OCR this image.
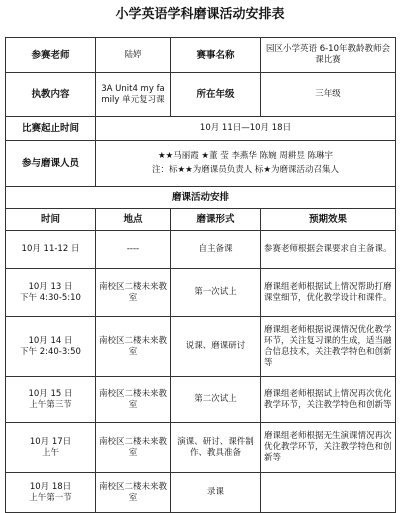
小学英语学科磨课活动安排表
参赛老师	陆婷	赛事名称	园区小学英语 6-10年教龄教师会课比赛
执教内容	3A Unit4 my family 单元复习课	所在年级	三年级
比赛起止时间	10月 11日—10月 18日		
参与磨课人员	★★马丽霞 ★董 莹 李燕华 陈婉 周耕昱 陈琳宇
注：标★★为磨课员负责人 标★为磨课活动召集人		

磨课活动安排			
时间	地点	磨课形式	预期效果
10月 11-12 日	----	自主备课	参赛老师根据会课要求自主备课。
10月 13 日
下午 4:30-5:10	南校区二楼未来教室	第一次试上	磨课组老师根据试上情况帮助打磨课堂细节，优化教学设计和课件。
10月 14 日
下午 2:40-3:50	南校区二楼未来教室	说课、磨课研讨	磨课组老师根据说课情况优化教学环节，关注复习课的生成，适当融合信息技术，关注教学特色和创新等
10月 15 日
上午第三节	南校区二楼未来教室	第二次试上	磨课组老师根据试上情况再次优化教学环节，关注教学特色和创新等
10月 17日
上午	南校区二楼未来教室	演课、研讨、课件制作、教具准备	磨课组老师根据无生演课情况再次优化教学环节，关注教学特色和创新等
10月 18日
上午第一节	南校区二楼未来教室	录课	
